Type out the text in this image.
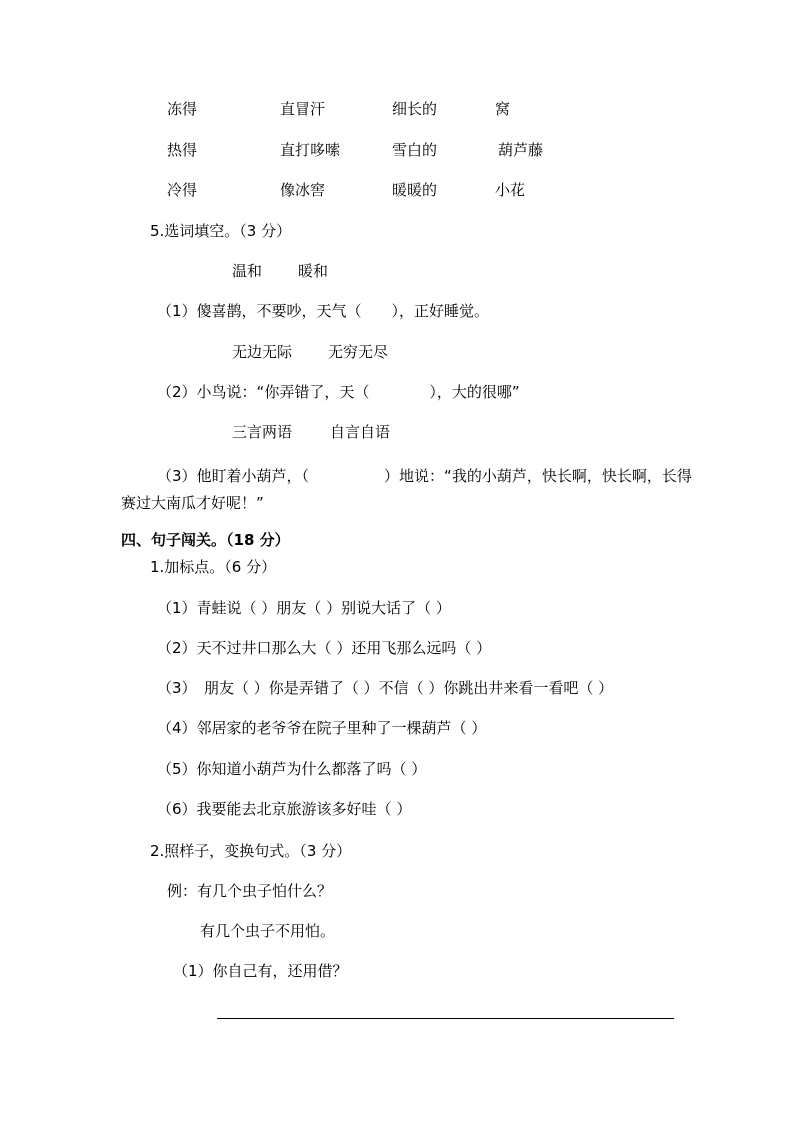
冻得	直冒汗	细长的	窝
热得	直打哆嗦	雪白的	葫芦藤
冷得	像冰窖	暖暖的	小花
5.选词填空。（3 分）
温和 暖和
（1）傻喜鹊，不要吵，天气（　　），正好睡觉。
无边无际 无穷无尽
（2）小鸟说：“你弄错了，天（　　　　），大的很哪”
三言两语	自言自语
（3）他盯着小葫芦，（　　　　　）地说：“我的小葫芦，快长啊，快长啊，长得赛过大南瓜才好呢！”
四、句子闯关。（18 分）
1.加标点。（6 分）
（1）青蛙说（ ）朋友（ ）别说大话了（ ）
（2）天不过井口那么大（ ）还用飞那么远吗（ ）
（3）　朋友（ ）你是弄错了（ ）不信（ ）你跳出井来看一看吧（ ）
（4）邻居家的老爷爷在院子里种了一棵葫芦（ ）
（5）你知道小葫芦为什么都落了吗（ ）
（6）我要能去北京旅游该多好哇（ ）
2.照样子，变换句式。（3 分）
例：有几个虫子怕什么？
有几个虫子不用怕。
（1）你自己有，还用借？
